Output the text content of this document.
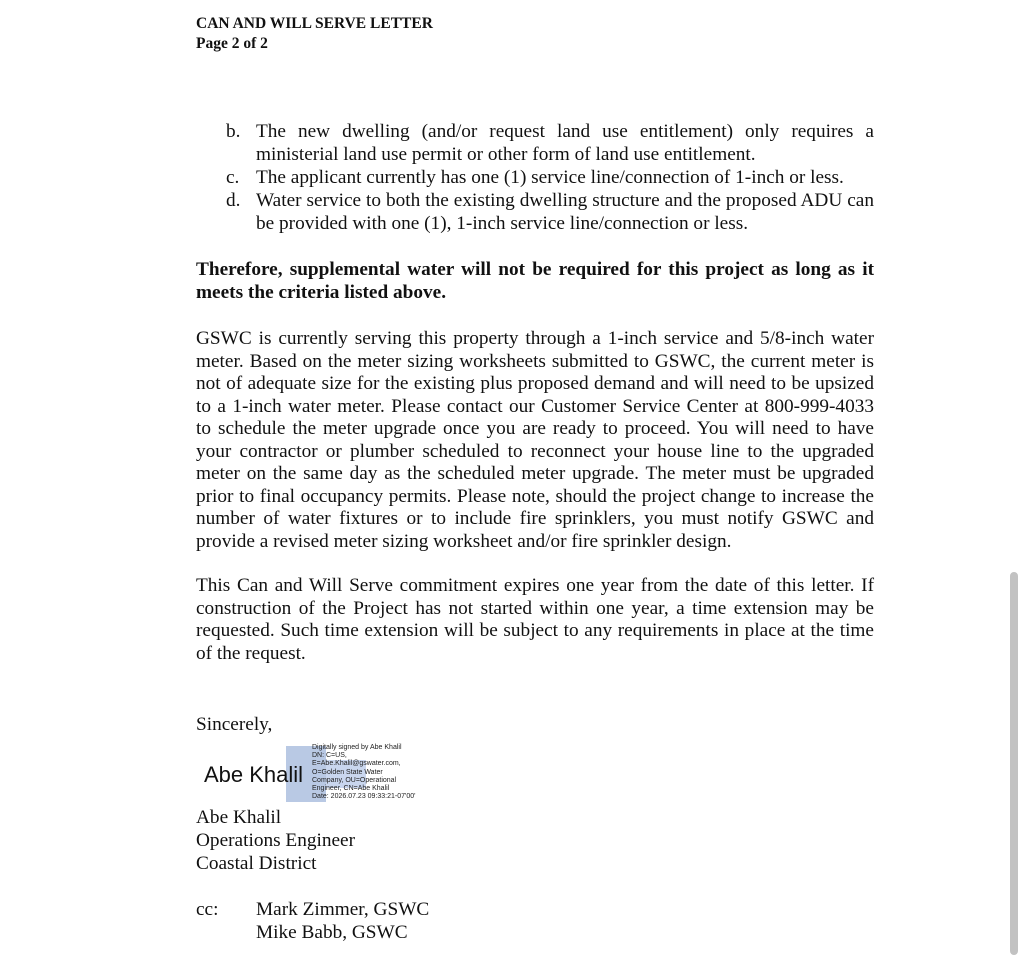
CAN AND WILL SERVE LETTER
Page 2 of 2
b. The new dwelling (and/or request land use entitlement) only requires a ministerial land use permit or other form of land use entitlement.
c. The applicant currently has one (1) service line/connection of 1-inch or less.
d. Water service to both the existing dwelling structure and the proposed ADU can be provided with one (1), 1-inch service line/connection or less.
Therefore, supplemental water will not be required for this project as long as it meets the criteria listed above.
GSWC is currently serving this property through a 1-inch service and 5/8-inch water meter. Based on the meter sizing worksheets submitted to GSWC, the current meter is not of adequate size for the existing plus proposed demand and will need to be upsized to a 1-inch water meter. Please contact our Customer Service Center at 800-999-4033 to schedule the meter upgrade once you are ready to proceed. You will need to have your contractor or plumber scheduled to reconnect your house line to the upgraded meter on the same day as the scheduled meter upgrade. The meter must be upgraded prior to final occupancy permits. Please note, should the project change to increase the number of water fixtures or to include fire sprinklers, you must notify GSWC and provide a revised meter sizing worksheet and/or fire sprinkler design.
This Can and Will Serve commitment expires one year from the date of this letter. If construction of the Project has not started within one year, a time extension may be requested. Such time extension will be subject to any requirements in place at the time of the request.
Sincerely,
Abe Khalil
Digitally signed by Abe Khalil
DN: C=US,
E=Abe.Khalil@gswater.com,
O=Golden State Water
Company, OU=Operational
Engineer, CN=Abe Khalil
Date: 2026.07.23 09:33:21-07'00'
Abe Khalil
Operations Engineer
Coastal District
cc:	Mark Zimmer, GSWC
Mike Babb, GSWC
